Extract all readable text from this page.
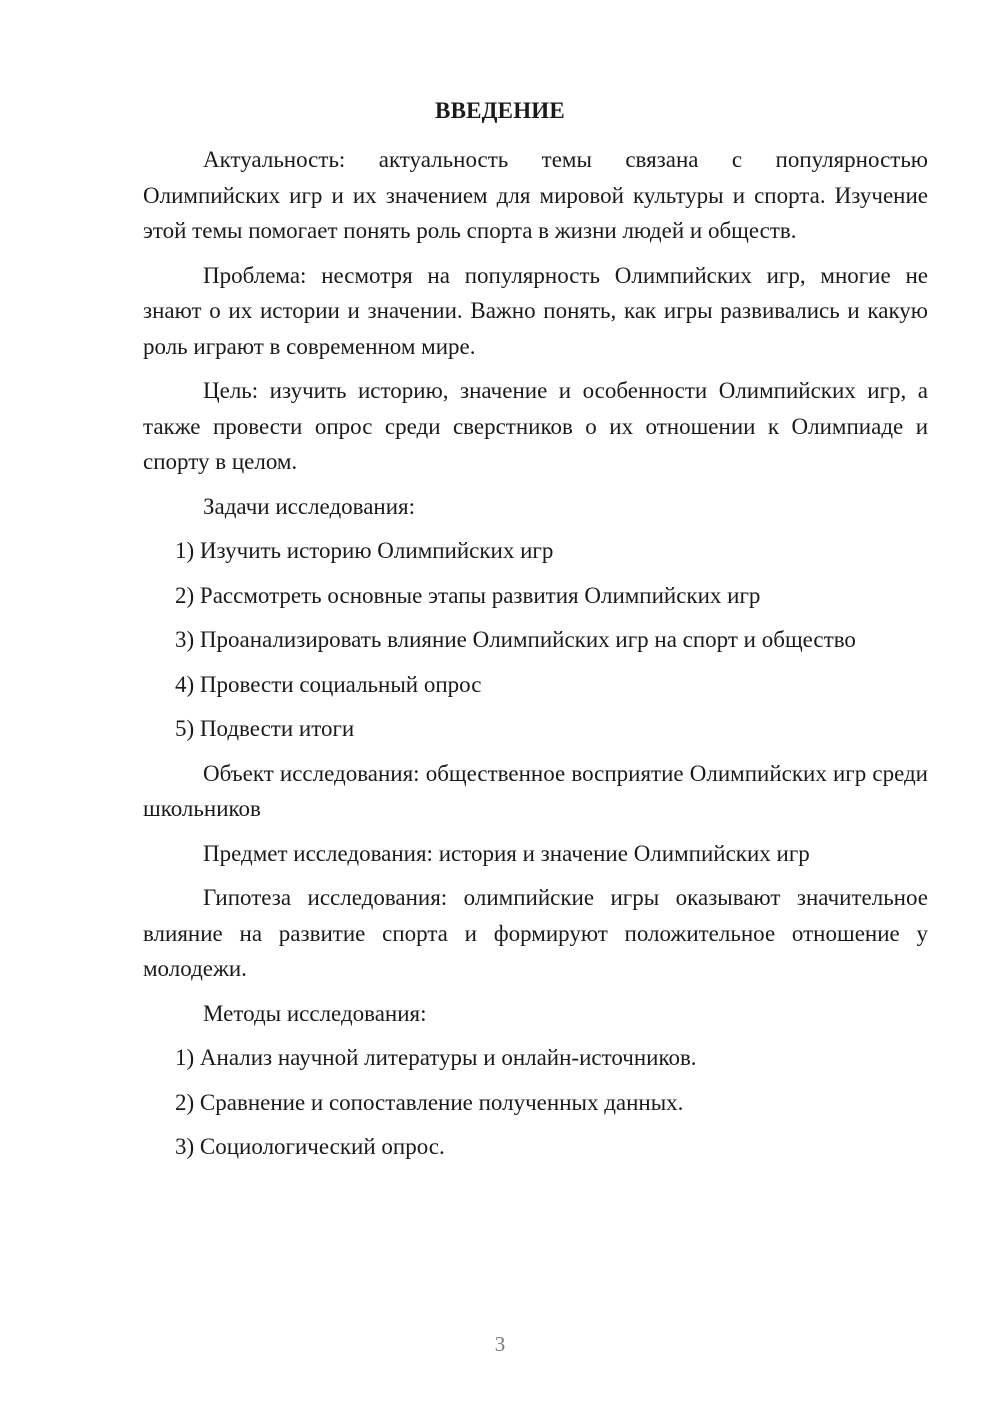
ВВЕДЕНИЕ

Актуальность: актуальность темы связана с популярностью Олимпийских игр и их значением для мировой культуры и спорта. Изучение этой темы помогает понять роль спорта в жизни людей и обществ.

Проблема: несмотря на популярность Олимпийских игр, многие не знают о их истории и значении. Важно понять, как игры развивались и какую роль играют в современном мире.

Цель: изучить историю, значение и особенности Олимпийских игр, а также провести опрос среди сверстников о их отношении к Олимпиаде и спорту в целом.

Задачи исследования:

1) Изучить историю Олимпийских игр
2) Рассмотреть основные этапы развития Олимпийских игр
3) Проанализировать влияние Олимпийских игр на спорт и общество
4) Провести социальный опрос
5) Подвести итоги

Объект исследования: общественное восприятие Олимпийских игр среди школьников

Предмет исследования: история и значение Олимпийских игр

Гипотеза исследования: олимпийские игры оказывают значительное влияние на развитие спорта и формируют положительное отношение у молодежи.

Методы исследования:

1) Анализ научной литературы и онлайн-источников.
2) Сравнение и сопоставление полученных данных.
3) Социологический опрос.
3
